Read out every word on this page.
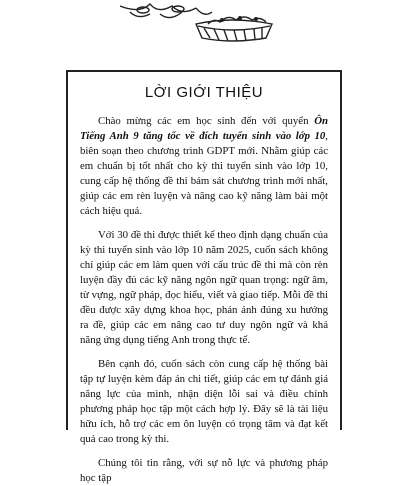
LỜI GIỚI THIỆU

Chào mừng các em học sinh đến với quyển Ôn Tiếng Anh 9 tăng tốc về đích tuyển sinh vào lớp 10, biên soạn theo chương trình GDPT mới. Nhằm giúp các em chuẩn bị tốt nhất cho kỳ thi tuyển sinh vào lớp 10, cung cấp hệ thống đề thi bám sát chương trình mới nhất, giúp các em rèn luyện và nâng cao kỹ năng làm bài một cách hiệu quả.

Với 30 đề thi được thiết kế theo định dạng chuẩn của kỳ thi tuyển sinh vào lớp 10 năm 2025, cuốn sách không chỉ giúp các em làm quen với cấu trúc đề thi mà còn rèn luyện đầy đủ các kỹ năng ngôn ngữ quan trọng: ngữ âm, từ vựng, ngữ pháp, đọc hiểu, viết và giao tiếp. Mỗi đề thi đều được xây dựng khoa học, phản ánh đúng xu hướng ra đề, giúp các em nâng cao tư duy ngôn ngữ và khả năng ứng dụng tiếng Anh trong thực tế.

Bên cạnh đó, cuốn sách còn cung cấp hệ thống bài tập tự luyện kèm đáp án chi tiết, giúp các em tự đánh giá năng lực của mình, nhận diện lỗi sai và điều chỉnh phương pháp học tập một cách hợp lý. Đây sẽ là tài liệu hữu ích, hỗ trợ các em ôn luyện có trọng tâm và đạt kết quả cao trong kỳ thi.

Chúng tôi tin rằng, với sự nỗ lực và phương pháp học tập
